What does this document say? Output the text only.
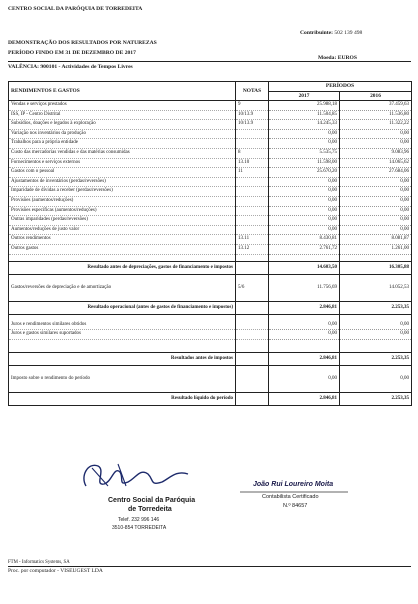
CENTRO SOCIAL DA PARÓQUIA DE TORREDEITA
Contribuinte: 502 139 498
DEMONSTRAÇÃO DOS RESULTADOS POR NATUREZAS
PERÍODO FINDO EM 31 DE DEZEMBRO DE 2017
Moeda: EUROS
VALÊNCIA: 900101 - Actividades de Tempos Livres
RENDIMENTOS E GASTOS	NOTAS	PERÍODOS	
		2017	2016
Vendas e serviços prestados	9	25.988,18	37.459,63
ISS, IP - Centro Distrital	10/13.9	11.504,85	11.536,80
Subsídios, doações e legados à exploração	10/13.9	14.245,33	11.322,22
Variação nos inventários da produção		0,00	0,00
Trabalhos para a própria entidade		0,00	0,00
Custo das mercadorias vendidas e das matérias consumidas	8	5.535,75	9.083,96
Fornecimentos e serviços externos	13.10	11.598,00	14.065,62
Gastos com o pessoal	11	25.670,20	27.684,06
Ajustamentos de inventários (perdas/reversões)		0,00	0,00
Imparidade de dívidas a receber (perdas/reversões)		0,00	0,00
Provisões (aumentos/reduções)		0,00	0,00
Provisões específicas (aumentos/reduções)		0,00	0,00
Outras imparidades (perdas/reversões)		0,00	0,00
Aumentos/reduções de justo valor		0,00	0,00
Outros rendimentos	13.11	8.430,81	8.081,87
Outros gastos	13.12	2.761,72	1.261,00

Resultado antes de depreciações, gastos de financiamento e impostos		14.603,50	16.305,88

Gastos/reversões de depreciação e de amortização	5/6	11.756,69	14.052,53

Resultado operacional (antes de gastos de financiamento e impostos)		2.846,81	2.253,35

Juros e rendimentos similares obtidos		0,00	0,00
Juros e gastos similares suportados		0,00	0,00

Resultados antes de impostos		2.846,81	2.253,35

Imposto sobre o rendimento do período		0,00	0,00

Resultado líquido do período		2.846,81	2.253,35
Centro Social da Paróquia
de Torredeita
Telef. 232 996 146
3510-854 TORREDEITA
João Rui Loureiro Moita
Contabilista Certificado
N.º 84657
FTM - Informatics Systems, SA
Proc. por computador - VISEUGEST LDA
